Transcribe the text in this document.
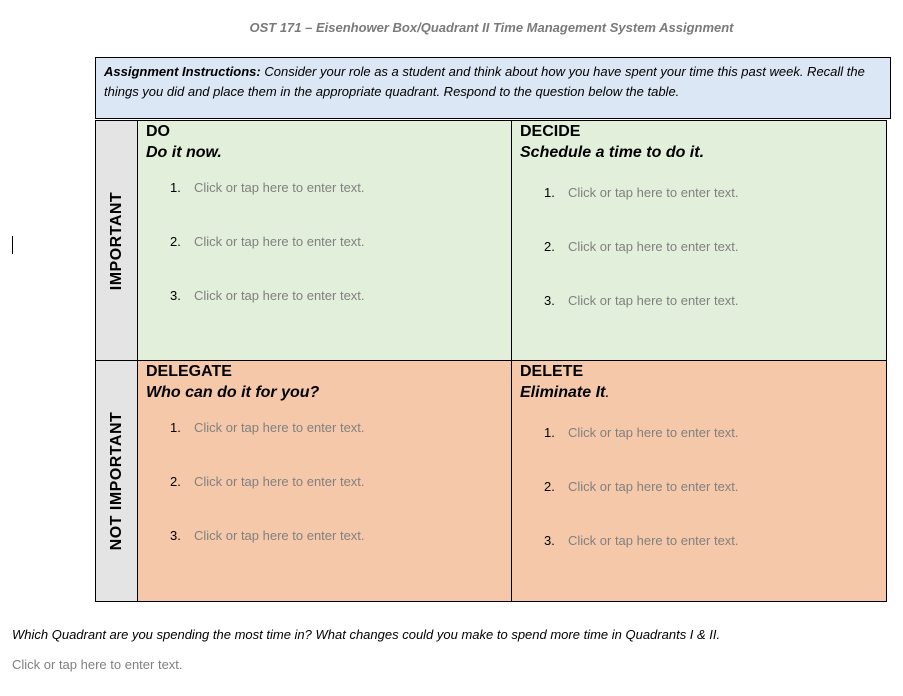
OST 171 – Eisenhower Box/Quadrant II Time Management System Assignment
Assignment Instructions: Consider your role as a student and think about how you have spent your time this past week. Recall the things you did and place them in the appropriate quadrant. Respond to the question below the table.
IMPORTANT
NOT IMPORTANT
DO
Do it now.
1. Click or tap here to enter text.
2. Click or tap here to enter text.
3. Click or tap here to enter text.
DECIDE
Schedule a time to do it.
1. Click or tap here to enter text.
2. Click or tap here to enter text.
3. Click or tap here to enter text.
DELEGATE
Who can do it for you?
1. Click or tap here to enter text.
2. Click or tap here to enter text.
3. Click or tap here to enter text.
DELETE
Eliminate It.
1. Click or tap here to enter text.
2. Click or tap here to enter text.
3. Click or tap here to enter text.
Which Quadrant are you spending the most time in? What changes could you make to spend more time in Quadrants I & II.
Click or tap here to enter text.
